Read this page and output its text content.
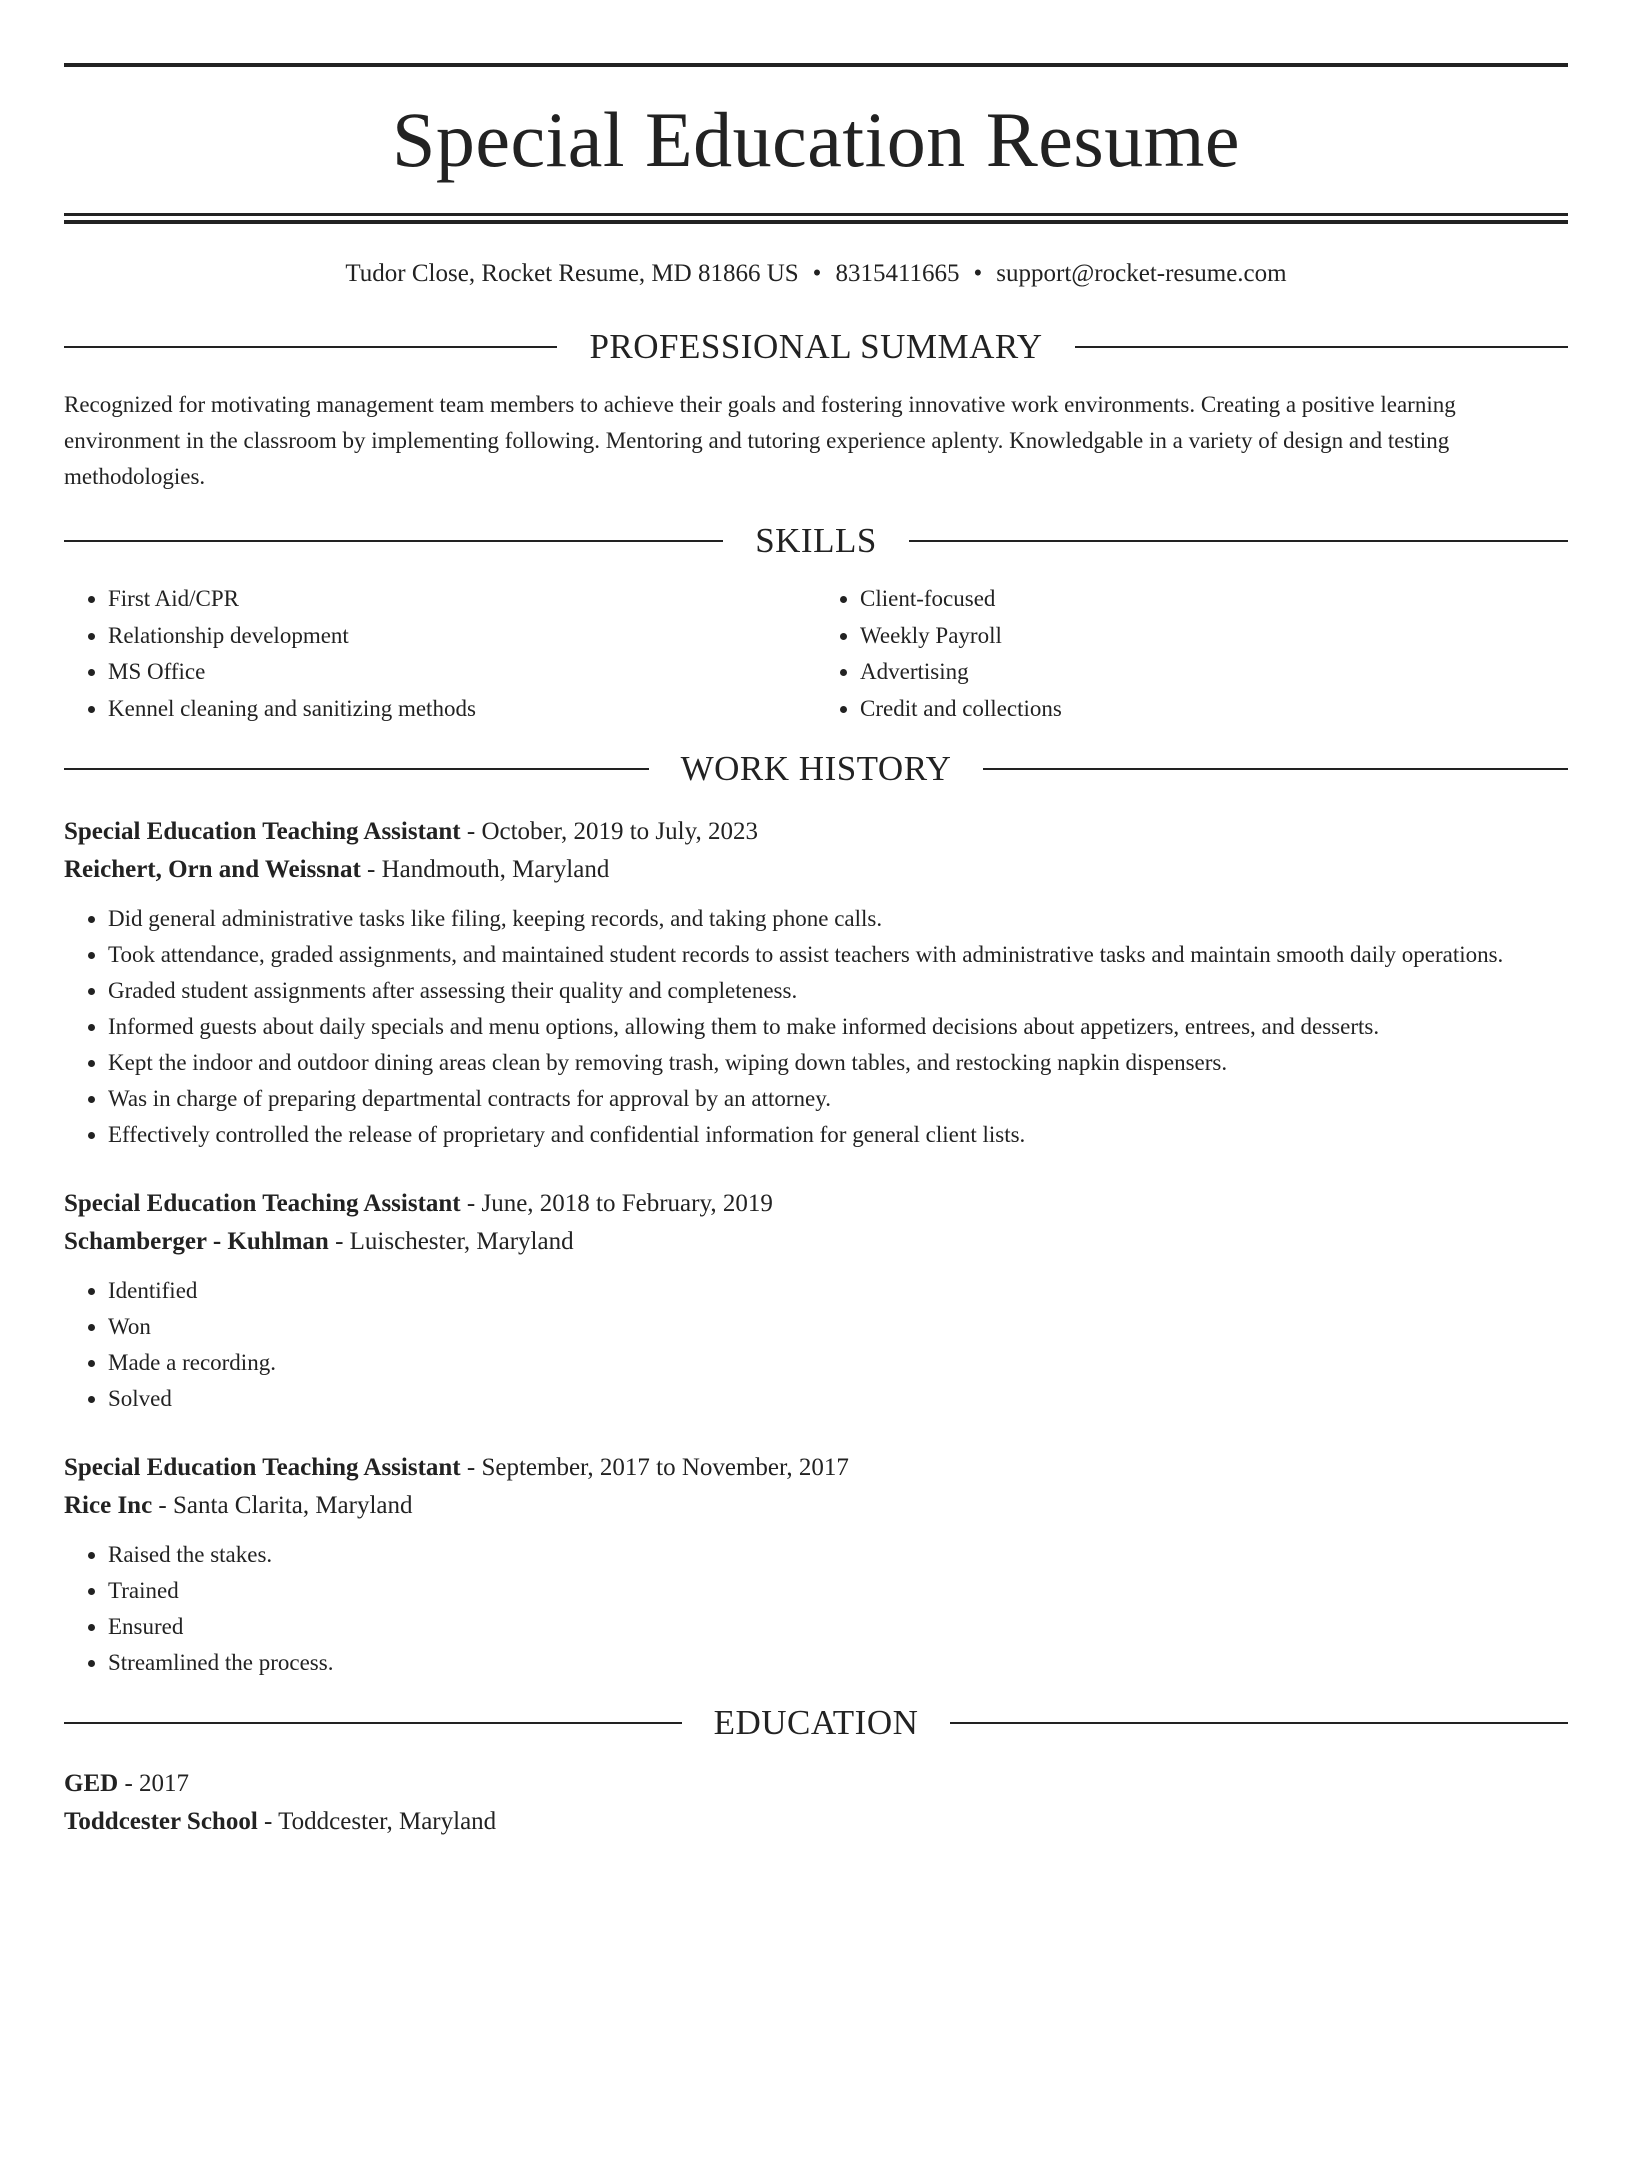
Special Education Resume
Tudor Close, Rocket Resume, MD 81866 US • 8315411665 • support@rocket-resume.com
PROFESSIONAL SUMMARY

Recognized for motivating management team members to achieve their goals and fostering innovative work environments. Creating a positive learning environment in the classroom by implementing following. Mentoring and tutoring experience aplenty. Knowledgable in a variety of design and testing methodologies.

SKILLS
• First Aid/CPR
• Relationship development
• MS Office
• Kennel cleaning and sanitizing methods
• Client-focused
• Weekly Payroll
• Advertising
• Credit and collections
WORK HISTORY
Special Education Teaching Assistant - October, 2019 to July, 2023
Reichert, Orn and Weissnat - Handmouth, Maryland
• Did general administrative tasks like filing, keeping records, and taking phone calls.
• Took attendance, graded assignments, and maintained student records to assist teachers with administrative tasks and maintain smooth daily operations.
• Graded student assignments after assessing their quality and completeness.
• Informed guests about daily specials and menu options, allowing them to make informed decisions about appetizers, entrees, and desserts.
• Kept the indoor and outdoor dining areas clean by removing trash, wiping down tables, and restocking napkin dispensers.
• Was in charge of preparing departmental contracts for approval by an attorney.
• Effectively controlled the release of proprietary and confidential information for general client lists.
Special Education Teaching Assistant - June, 2018 to February, 2019
Schamberger - Kuhlman - Luischester, Maryland
• Identified
• Won
• Made a recording.
• Solved
Special Education Teaching Assistant - September, 2017 to November, 2017
Rice Inc - Santa Clarita, Maryland
• Raised the stakes.
• Trained
• Ensured
• Streamlined the process.
EDUCATION
GED - 2017
Toddcester School - Toddcester, Maryland
